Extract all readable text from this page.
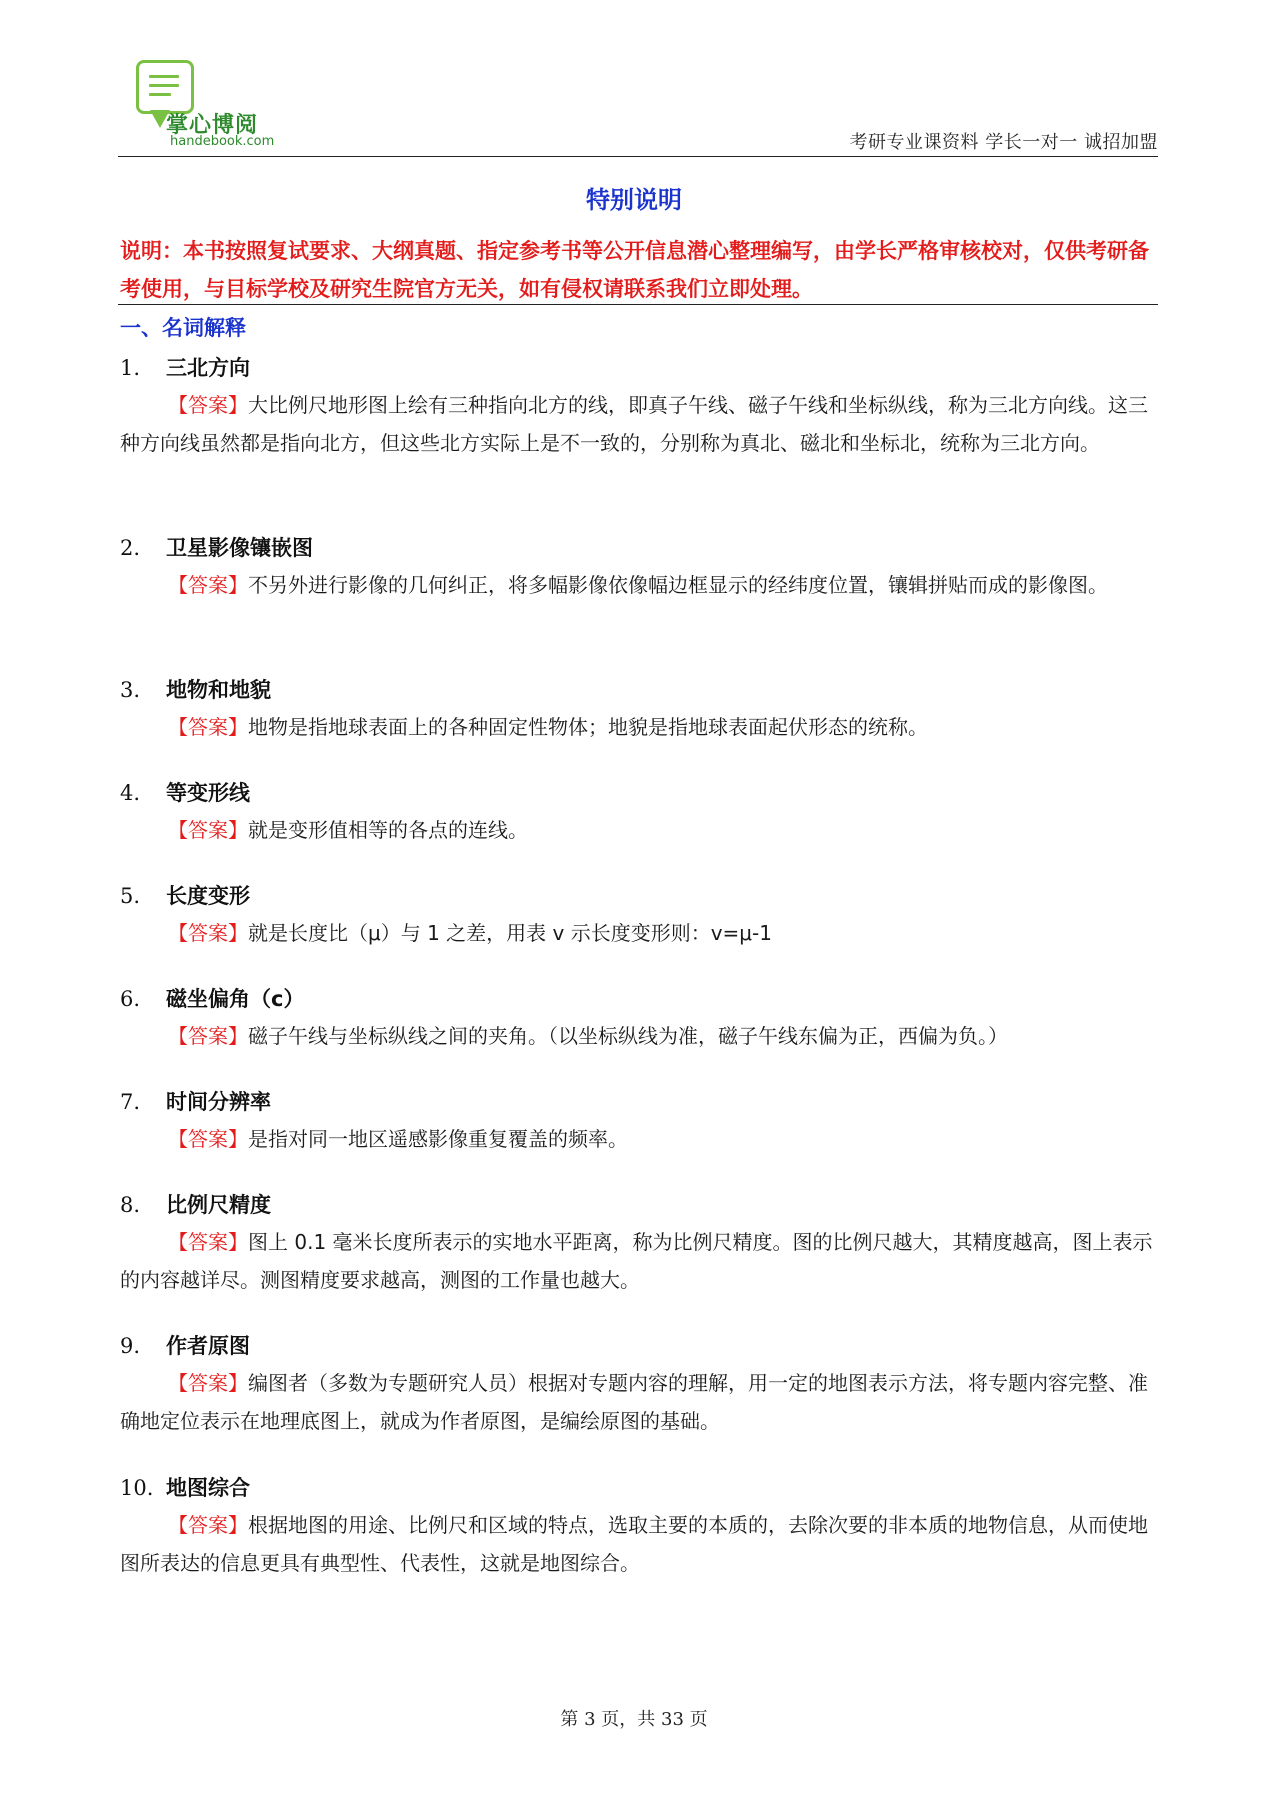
掌心博阅
handebook.com	考研专业课资料 学长一对一 诚招加盟
特别说明
说明：本书按照复试要求、大纲真题、指定参考书等公开信息潜心整理编写，由学长严格审核校对，仅供考研备考使用，与目标学校及研究生院官方无关，如有侵权请联系我们立即处理。
一、名词解释
1. 三北方向
【答案】大比例尺地形图上绘有三种指向北方的线，即真子午线、磁子午线和坐标纵线，称为三北方向线。这三种方向线虽然都是指向北方，但这些北方实际上是不一致的，分别称为真北、磁北和坐标北，统称为三北方向。
2. 卫星影像镶嵌图
【答案】不另外进行影像的几何纠正，将多幅影像依像幅边框显示的经纬度位置，镶辑拼贴而成的影像图。
3. 地物和地貌
【答案】地物是指地球表面上的各种固定性物体；地貌是指地球表面起伏形态的统称。
4. 等变形线
【答案】就是变形值相等的各点的连线。
5. 长度变形
【答案】就是长度比（μ）与 1 之差，用表 v 示长度变形则：v=μ-1
6. 磁坐偏角（c）
【答案】磁子午线与坐标纵线之间的夹角。（以坐标纵线为准，磁子午线东偏为正，西偏为负。）
7. 时间分辨率
【答案】是指对同一地区遥感影像重复覆盖的频率。
8. 比例尺精度
【答案】图上 0.1 毫米长度所表示的实地水平距离，称为比例尺精度。图的比例尺越大，其精度越高，图上表示的内容越详尽。测图精度要求越高，测图的工作量也越大。
9. 作者原图
【答案】编图者（多数为专题研究人员）根据对专题内容的理解，用一定的地图表示方法，将专题内容完整、准确地定位表示在地理底图上，就成为作者原图，是编绘原图的基础。
10. 地图综合
【答案】根据地图的用途、比例尺和区域的特点，选取主要的本质的，去除次要的非本质的地物信息，从而使地图所表达的信息更具有典型性、代表性，这就是地图综合。
第 3 页，共 33 页
